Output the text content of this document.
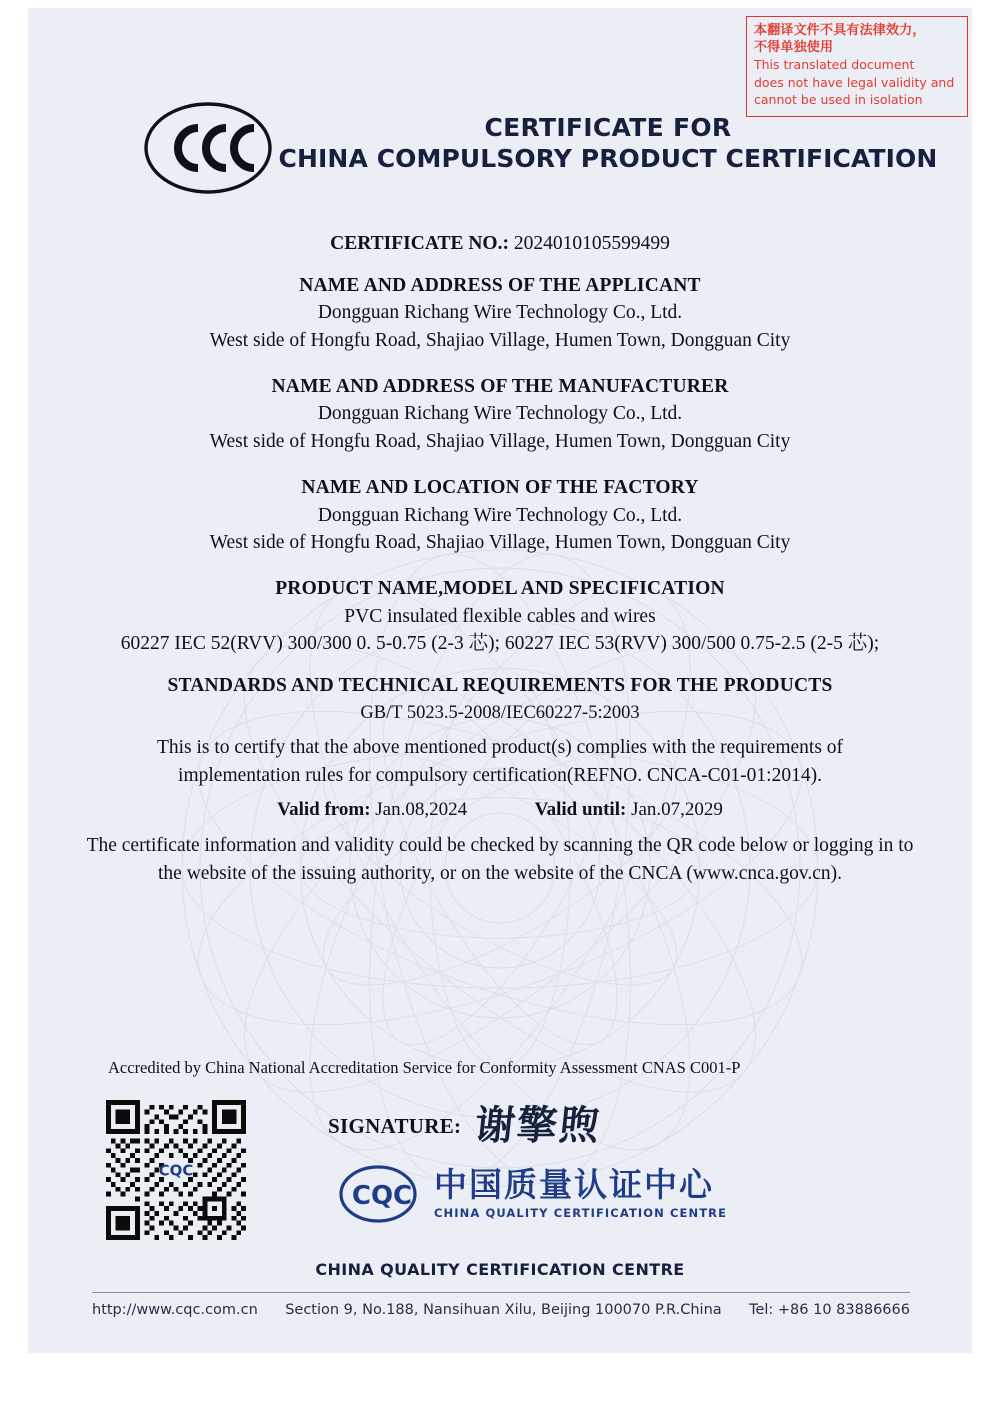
本翻译文件不具有法律效力，
不得单独使用
This translated document
does not have legal validity and
cannot be used in isolation
CERTIFICATE FOR
CHINA COMPULSORY PRODUCT CERTIFICATION
CERTIFICATE NO.: 2024010105599499
NAME AND ADDRESS OF THE APPLICANT
Dongguan Richang Wire Technology Co., Ltd.
West side of Hongfu Road, Shajiao Village, Humen Town, Dongguan City
NAME AND ADDRESS OF THE MANUFACTURER
Dongguan Richang Wire Technology Co., Ltd.
West side of Hongfu Road, Shajiao Village, Humen Town, Dongguan City
NAME AND LOCATION OF THE FACTORY
Dongguan Richang Wire Technology Co., Ltd.
West side of Hongfu Road, Shajiao Village, Humen Town, Dongguan City
PRODUCT NAME,MODEL AND SPECIFICATION
PVC insulated flexible cables and wires
60227 IEC 52(RVV) 300/300 0. 5-0.75 (2-3 芯); 60227 IEC 53(RVV) 300/500 0.75-2.5 (2-5 芯);
STANDARDS AND TECHNICAL REQUIREMENTS FOR THE PRODUCTS
GB/T 5023.5-2008/IEC60227-5:2003
This is to certify that the above mentioned product(s) complies with the requirements of
implementation rules for compulsory certification(REFNO. CNCA-C01-01:2014).
Valid from: Jan.08,2024	Valid until: Jan.07,2029
The certificate information and validity could be checked by scanning the QR code below or logging in to
the website of the issuing authority, or on the website of the CNCA (www.cnca.gov.cn).
Accredited by China National Accreditation Service for Conformity Assessment CNAS C001-P
CQC
SIGNATURE: 谢擎煦
CQC 中国质量认证中心
CHINA QUALITY CERTIFICATION CENTRE
CHINA QUALITY CERTIFICATION CENTRE
http://www.cqc.com.cn Section 9, No.188, Nansihuan Xilu, Beijing 100070 P.R.China Tel: +86 10 83886666
